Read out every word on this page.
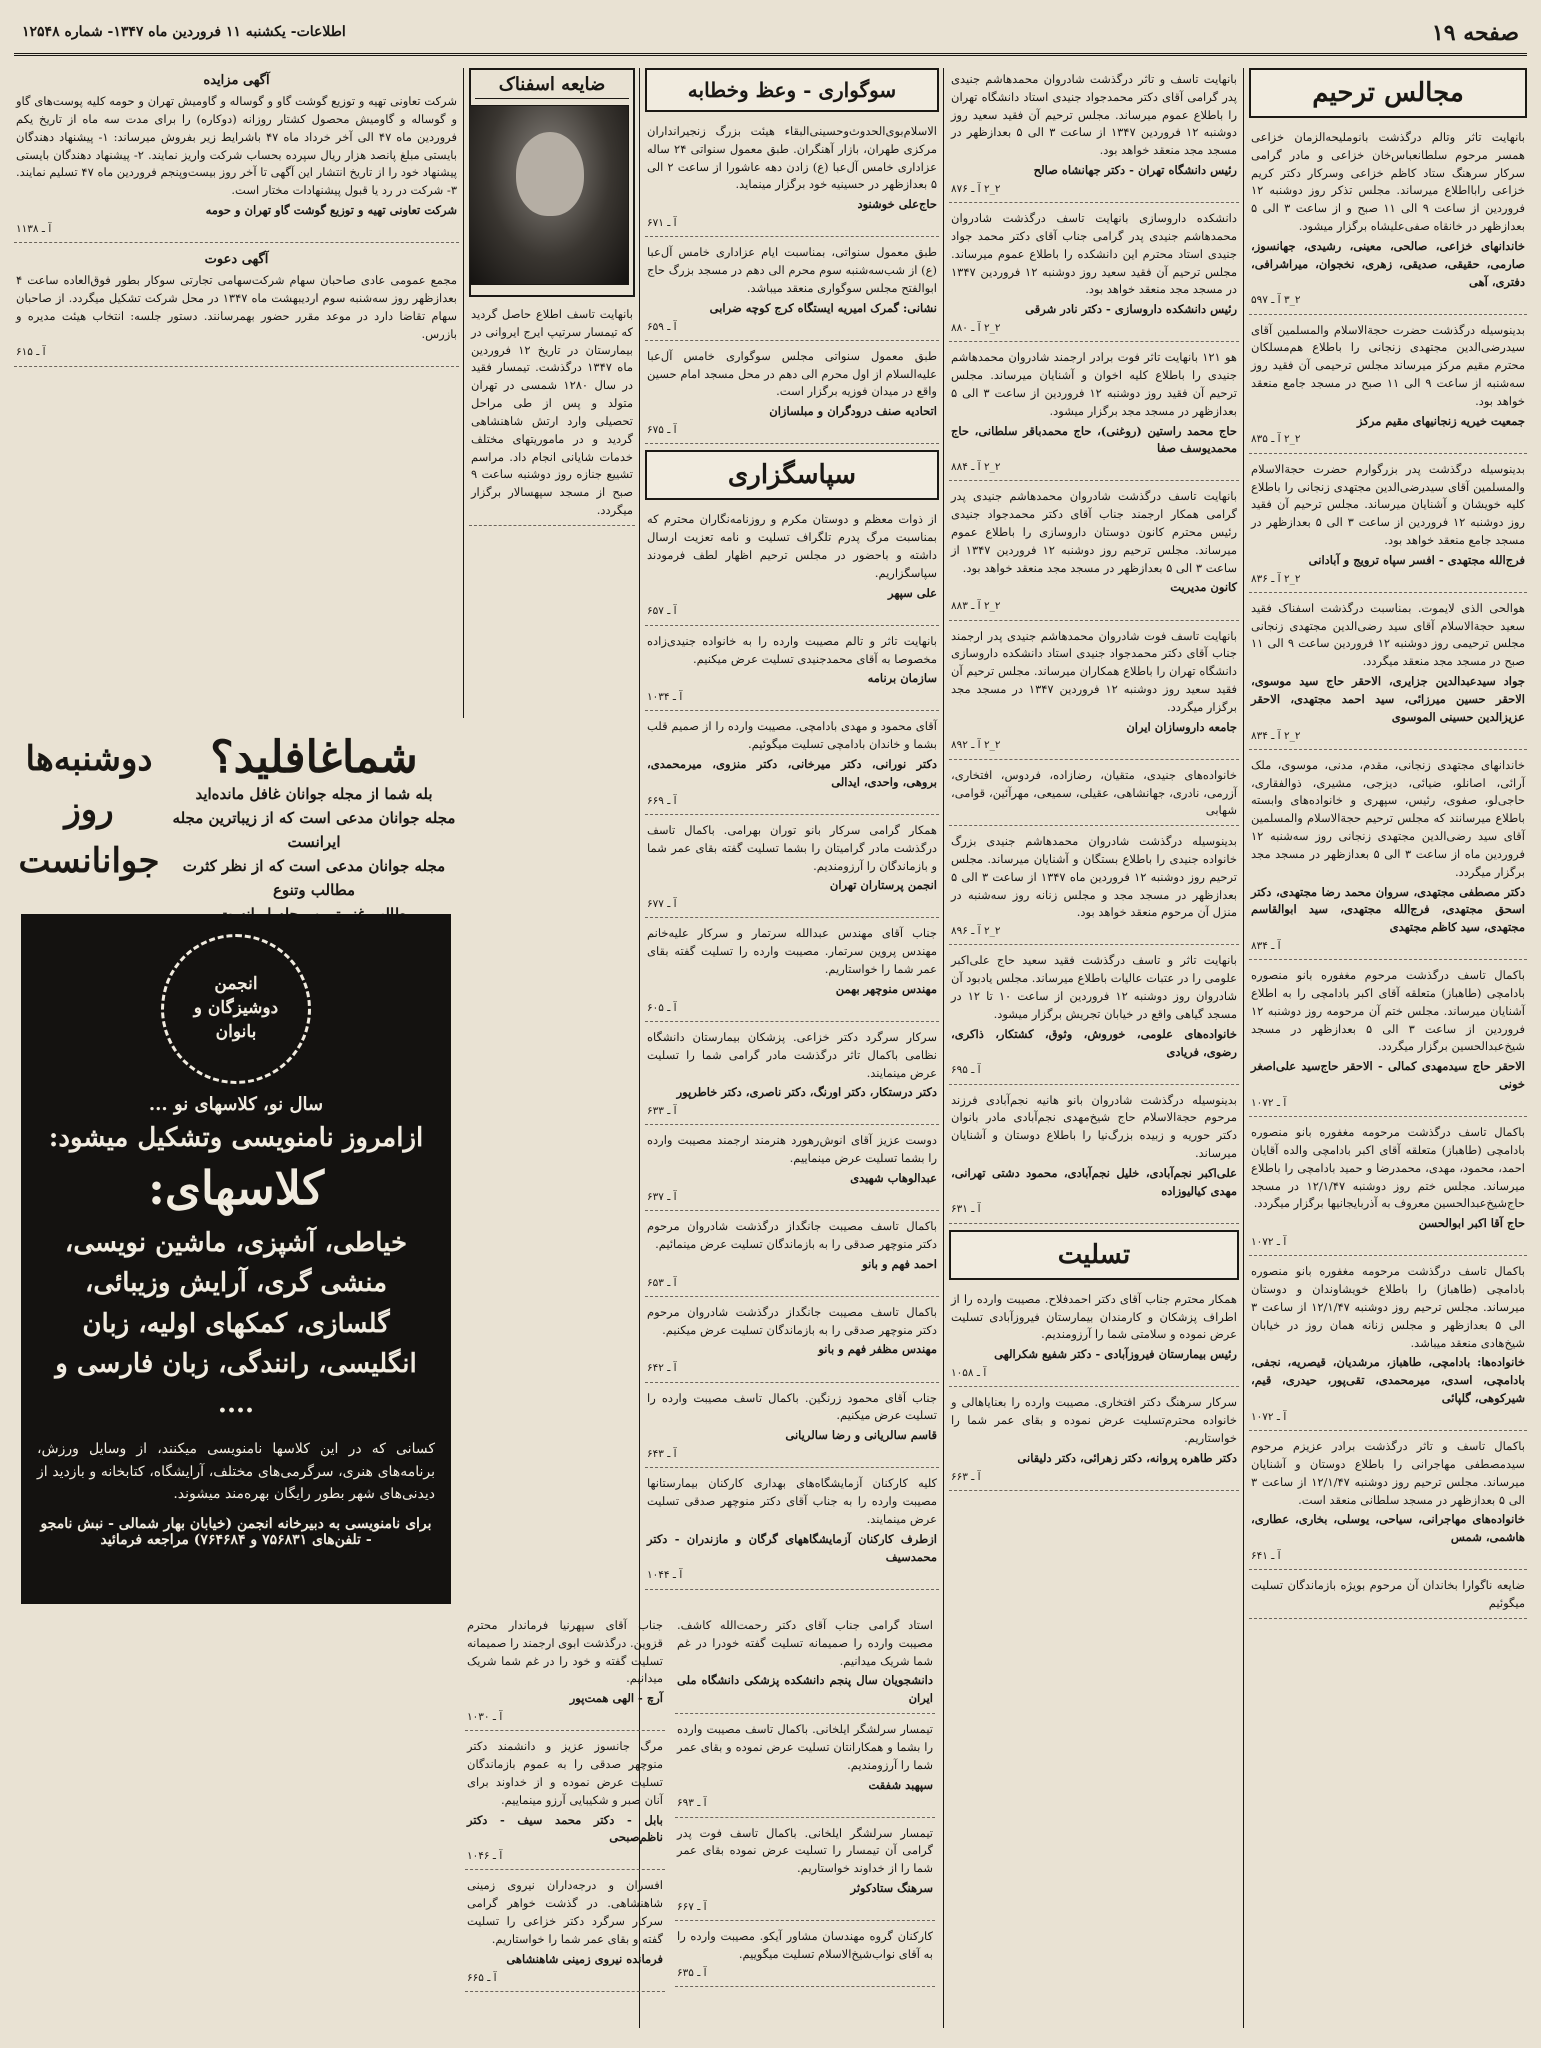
صفحه ۱۹
اطلاعات- یکشنبه ۱۱ فروردین ماه ۱۳۴۷- شماره ۱۲۵۴۸
مجالس ترحیم
بانهایت تاثر وتالم درگذشت بانوملیحه‌الزمان خزاعی همسر مرحوم سلطانعباس‌خان خزاعی و مادر گرامی سرکار سرهنگ ستاد کاظم خزاعی وسرکار دکتر کریم خزاعی رابااطلاع میرساند. مجلس تذکر روز دوشنبه ۱۲ فروردین از ساعت ۹ الی ۱۱ صبح و از ساعت ۳ الی ۵ بعدازظهر در خانقاه صفی‌علیشاه برگزار میشود.
خاندانهای خزاعی، صالحی، معینی، رشیدی، جهانسوز، صارمی، حقیقی، صدیقی، زهری، نخجوان، میراشرافی، دفتری، آهی
۲_۳ آ ـ ۵۹۷
بدینوسیله درگذشت حضرت حجةالاسلام والمسلمین آقای سیدرضی‌الدین مجتهدی زنجانی را باطلاع هم‌مسلکان محترم مقیم مرکز میرساند مجلس ترحیمی آن فقید روز سه‌شنبه از ساعت ۹ الی ۱۱ صبح در مسجد جامع منعقد خواهد بود.
جمعیت خیریه زنجانیهای مقیم مرکز
۲_۲ آ ـ ۸۳۵
بدینوسیله درگذشت پدر بزرگوارم حضرت حجةالاسلام والمسلمین آقای سیدرضی‌الدین مجتهدی زنجانی را باطلاع کلیه خویشان و آشنایان میرساند. مجلس ترحیم آن فقید روز دوشنبه ۱۲ فروردین از ساعت ۳ الی ۵ بعدازظهر در مسجد جامع منعقد خواهد بود.
فرج‌الله مجتهدی - افسر سپاه ترویج و آبادانی
۲_۲ آ ـ ۸۳۶
هوالحی الذی لایموت. بمناسبت درگذشت اسفناک فقید سعید حجةالاسلام آقای سید رضی‌الدین مجتهدی زنجانی مجلس ترحیمی روز دوشنبه ۱۲ فروردین ساعت ۹ الی ۱۱ صبح در مسجد مجد منعقد میگردد.
جواد سیدعبدالدین جزایری، الاحقر حاج سید موسوی، الاحقر حسین میرزائی، سید احمد مجتهدی، الاحقر عزیزالدین حسینی الموسوی
۲_۲ آ ـ ۸۳۴
خاندانهای مجتهدی زنجانی، مقدم، مدنی، موسوی، ملک آرائی، اصانلو، ضیائی، دیزجی، مشیری، ذوالفقاری، حاجی‌لو، صفوی، رئیس، سپهری و خانواده‌های وابسته باطلاع میرسانند که مجلس ترحیم حجةالاسلام والمسلمین آقای سید رضی‌الدین مجتهدی زنجانی روز سه‌شنبه ۱۲ فروردین ماه از ساعت ۳ الی ۵ بعدازظهر در مسجد مجد برگزار میگردد.
دکتر مصطفی مجتهدی، سروان محمد رضا مجتهدی، دکتر اسحق مجتهدی، فرج‌الله مجتهدی، سید ابوالقاسم مجتهدی، سید کاظم مجتهدی
آ ـ ۸۳۴
باکمال تاسف درگذشت مرحوم مغفوره بانو منصوره بادامچی (طاهباز) متعلقه آقای اکبر بادامچی را به اطلاع آشنایان میرساند. مجلس ختم آن مرحومه روز دوشنبه ۱۲ فروردین از ساعت ۳ الی ۵ بعدازظهر در مسجد شیخ‌عبدالحسین برگزار میگردد.
الاحقر حاج سیدمهدی کمالی - الاحقر حاج‌سید علی‌اصغر خونی
آ ـ ۱۰۷۲
باکمال تاسف درگذشت مرحومه مغفوره بانو منصوره بادامچی (طاهباز) متعلقه آقای اکبر بادامچی والده آقایان احمد، محمود، مهدی، محمدرضا و حمید بادامچی را باطلاع میرساند. مجلس ختم روز دوشنبه ۱۲/۱/۴۷ در مسجد حاج‌شیخ‌عبدالحسین معروف به آذربایجانیها برگزار میگردد.
حاج آقا اکبر ابوالحسن
آ ـ ۱۰۷۲
باکمال تاسف درگذشت مرحومه مغفوره بانو منصوره بادامچی (طاهباز) را باطلاع خویشاوندان و دوستان میرساند. مجلس ترحیم روز دوشنبه ۱۲/۱/۴۷ از ساعت ۳ الی ۵ بعدازظهر و مجلس زنانه همان روز در خیابان شیخ‌هادی منعقد میباشد.
خانواده‌ها: بادامچی، طاهباز، مرشدیان، قیصریه، نجفی، بادامچی، اسدی، میرمحمدی، تقی‌پور، حیدری، قیم، شیرکوهی، گلپائی
آ ـ ۱۰۷۲
باکمال تاسف و تاثر درگذشت برادر عزیزم مرحوم سیدمصطفی مهاجرانی را باطلاع دوستان و آشنایان میرساند. مجلس ترحیم روز دوشنبه ۱۲/۱/۴۷ از ساعت ۳ الی ۵ بعدازظهر در مسجد سلطانی منعقد است.
خانواده‌های مهاجرانی، سیاحی، یوسلی، بخاری، عطاری، هاشمی، شمس
آ ـ ۶۴۱
ضایعه ناگوارا بخاندان آن مرحوم بویژه بازماندگان تسلیت میگوئیم
بانهایت تاسف و تاثر درگذشت شادروان محمدهاشم جنیدی پدر گرامی آقای دکتر محمدجواد جنیدی استاد دانشگاه تهران را باطلاع عموم میرساند. مجلس ترحیم آن فقید سعید روز دوشنبه ۱۲ فروردین ۱۳۴۷ از ساعت ۳ الی ۵ بعدازظهر در مسجد مجد منعقد خواهد بود.
رئیس دانشگاه تهران - دکتر جهانشاه صالح
۲_۲ آ ـ ۸۷۶
دانشکده داروسازی بانهایت تاسف درگذشت شادروان محمدهاشم جنیدی پدر گرامی جناب آقای دکتر محمد جواد جنیدی استاد محترم این دانشکده را باطلاع عموم میرساند. مجلس ترحیم آن فقید سعید روز دوشنبه ۱۲ فروردین ۱۳۴۷ در مسجد مجد منعقد خواهد بود.
رئیس دانشکده داروسازی - دکتر نادر شرقی
۲_۲ آ ـ ۸۸۰
هو ۱۲۱ بانهایت تاثر فوت برادر ارجمند شادروان محمدهاشم جنیدی را باطلاع کلیه اخوان و آشنایان میرساند. مجلس ترحیم آن فقید روز دوشنبه ۱۲ فروردین از ساعت ۳ الی ۵ بعدازظهر در مسجد مجد برگزار میشود.
حاج محمد راستین (روغنی)، حاج محمدباقر سلطانی، حاج محمدیوسف صفا
۲_۲ آ ـ ۸۸۴
بانهایت تاسف درگذشت شادروان محمدهاشم جنیدی پدر گرامی همکار ارجمند جناب آقای دکتر محمدجواد جنیدی رئیس محترم کانون دوستان داروسازی را باطلاع عموم میرساند. مجلس ترحیم روز دوشنبه ۱۲ فروردین ۱۳۴۷ از ساعت ۳ الی ۵ بعدازظهر در مسجد مجد منعقد خواهد بود.
کانون مدیریت
۲_۲ آ ـ ۸۸۳
بانهایت تاسف فوت شادروان محمدهاشم جنیدی پدر ارجمند جناب آقای دکتر محمدجواد جنیدی استاد دانشکده داروسازی دانشگاه تهران را باطلاع همکاران میرساند. مجلس ترحیم آن فقید سعید روز دوشنبه ۱۲ فروردین ۱۳۴۷ در مسجد مجد برگزار میگردد.
جامعه داروسازان ایران
۲_۲ آ ـ ۸۹۲
خانواده‌های جنیدی، متقیان، رضازاده، فردوس، افتخاری، آزرمی، نادری، جهانشاهی، عقیلی، سمیعی، مهرآئین، قوامی، شهابی
بدینوسیله درگذشت شادروان محمدهاشم جنیدی بزرگ خانواده جنیدی را باطلاع بستگان و آشنایان میرساند. مجلس ترحیم روز دوشنبه ۱۲ فروردین ماه ۱۳۴۷ از ساعت ۳ الی ۵ بعدازظهر در مسجد مجد و مجلس زنانه روز سه‌شنبه در منزل آن مرحوم منعقد خواهد بود.
۲_۲ آ ـ ۸۹۶
بانهایت تاثر و تاسف درگذشت فقید سعید حاج علی‌اکبر علومی را در عتبات عالیات باطلاع میرساند. مجلس یادبود آن شادروان روز دوشنبه ۱۲ فروردین از ساعت ۱۰ تا ۱۲ در مسجد گیاهی واقع در خیابان تجریش برگزار میشود.
خانواده‌های علومی، خوروش، وثوق، کشتکار، ذاکری، رضوی، فریادی
آ ـ ۶۹۵
بدینوسیله درگذشت شادروان بانو هانیه نجم‌آبادی فرزند مرحوم حجةالاسلام حاج شیخ‌مهدی نجم‌آبادی مادر بانوان دکتر حوریه و زبیده بزرگ‌نیا را باطلاع دوستان و آشنایان میرساند.
علی‌اکبر نجم‌آبادی، خلیل نجم‌آبادی، محمود دشتی تهرانی، مهدی کیالیوزاده
آ ـ ۶۳۱
تسلیت
همکار محترم جناب آقای دکتر احمدفلاح. مصیبت وارده را از اطراف پزشکان و کارمندان بیمارستان فیروزآبادی تسلیت عرض نموده و سلامتی شما را آرزومندیم.
رئیس بیمارستان فیروزآبادی - دکتر شفیع شکرالهی
آ ـ ۱۰۵۸
سرکار سرهنگ دکتر افتخاری. مصیبت وارده را بعنایاهالی و خانواده محترم‌تسلیت عرض نموده و بقای عمر شما را خواستاریم.
دکتر طاهره پروانه، دکتر زهرائی، دکتر دلیقانی
آ ـ ۶۶۳
سوگواری - وعظ وخطابه
الاسلام‌بوی‌الحدوث‌وحسینی‌البقاء هیئت بزرگ زنجیرانداران مرکزی طهران، بازار آهنگران. طبق معمول سنواتی ۲۴ ساله عزاداری خامس آل‌عبا (ع) زادن دهه عاشورا از ساعت ۲ الی ۵ بعدازظهر در حسینیه خود برگزار مینماید.
حاج‌علی خوشنود
آ ـ ۶۷۱
طبق معمول سنواتی، بمناسبت ایام عزاداری خامس آل‌عبا (ع) از شب‌سه‌شنبه سوم محرم الی دهم در مسجد بزرگ حاج ابوالفتح مجلس سوگواری منعقد میباشد.
نشانی: گمرک امیریه ایستگاه کرج کوچه ضرابی
آ ـ ۶۵۹
طبق معمول سنواتی مجلس سوگواری خامس آل‌عبا علیه‌السلام از اول محرم الی دهم در محل مسجد امام حسین واقع در میدان فوزیه برگزار است.
اتحادیه صنف درودگران و مبلسازان
آ ـ ۶۷۵
سپاسگزاری
از ذوات معظم و دوستان مکرم و روزنامه‌نگاران محترم که بمناسبت مرگ پدرم تلگراف تسلیت و نامه تعزیت ارسال داشته و باحضور در مجلس ترحیم اظهار لطف فرمودند سپاسگزاریم.
علی سپهر
آ ـ ۶۵۷
بانهایت تاثر و تالم مصیبت وارده را به خانواده جنیدی‌زاده مخصوصا به آقای محمدجنیدی تسلیت عرض میکنیم.
سازمان برنامه
آ ـ ۱۰۳۴
آقای محمود و مهدی بادامچی. مصیبت وارده را از صمیم قلب بشما و خاندان بادامچی تسلیت میگوئیم.
دکتر نورانی، دکتر میرخانی، دکتر منزوی، میرمحمدی، بروهی، واحدی، ایدالی
آ ـ ۶۶۹
همکار گرامی سرکار بانو توران بهرامی. باکمال تاسف درگذشت مادر گرامیتان را بشما تسلیت گفته بقای عمر شما و بازماندگان را آرزومندیم.
انجمن پرستاران تهران
آ ـ ۶۷۷
جناب آقای مهندس عبدالله سرتمار و سرکار علیه‌خانم مهندس پروین سرتمار. مصیبت وارده را تسلیت گفته بقای عمر شما را خواستاریم.
مهندس منوچهر بهمن
آ ـ ۶۰۵
سرکار سرگرد دکتر خزاعی. پزشکان بیمارستان دانشگاه نظامی باکمال تاثر درگذشت مادر گرامی شما را تسلیت عرض مینمایند.
دکتر درستکار، دکتر اورنگ، دکتر ناصری، دکتر خاطرپور
آ ـ ۶۳۳
دوست عزیز آقای انوش‌رهورد هنرمند ارجمند مصیبت وارده را بشما تسلیت عرض مینماییم.
عبدالوهاب شهیدی
آ ـ ۶۳۷
باکمال تاسف مصیبت جانگداز درگذشت شادروان مرحوم دکتر منوچهر صدقی را به بازماندگان تسلیت عرض مینمائیم.
احمد فهم و بانو
آ ـ ۶۵۳
باکمال تاسف مصیبت جانگداز درگذشت شادروان مرحوم دکتر منوچهر صدقی را به بازماندگان تسلیت عرض میکنیم.
مهندس مظفر فهم و بانو
آ ـ ۶۴۲
جناب آقای محمود زرنگین. باکمال تاسف مصیبت وارده را تسلیت عرض میکنیم.
قاسم سالریانی و رضا سالریانی
آ ـ ۶۴۳
کلیه کارکنان آزمایشگاه‌های بهداری کارکنان بیمارستانها مصیبت وارده را به جناب آقای دکتر منوچهر صدقی تسلیت عرض مینمایند.
ازطرف کارکنان آزمایشگاههای گرگان و مازندران - دکتر محمدسیف
آ ـ ۱۰۴۴
ضایعه اسفناک
بانهایت تاسف اطلاع حاصل گردید که تیمسار سرتیپ ایرج ایروانی در بیمارستان در تاریخ ۱۲ فروردین ماه ۱۳۴۷ درگذشت. تیمسار فقید در سال ۱۲۸۰ شمسی در تهران متولد و پس از طی مراحل تحصیلی وارد ارتش شاهنشاهی گردید و در ماموریتهای مختلف خدمات شایانی انجام داد. مراسم تشییع جنازه روز دوشنبه ساعت ۹ صبح از مسجد سپهسالار برگزار میگردد.
آگهی مزایده
شرکت تعاونی تهیه و توزیع گوشت گاو و گوساله و گاومیش تهران و حومه کلیه پوست‌های گاو و گوساله و گاومیش محصول کشتار روزانه (دوکاره) را برای مدت سه ماه از تاریخ یکم فروردین ماه ۴۷ الی آخر خرداد ماه ۴۷ باشرایط زیر بفروش میرساند: ۱- پیشنهاد دهندگان بایستی مبلغ پانصد هزار ریال سپرده بحساب شرکت واریز نمایند. ۲- پیشنهاد دهندگان بایستی پیشنهاد خود را از تاریخ انتشار این آگهی تا آخر روز بیست‌وپنجم فروردین ماه ۴۷ تسلیم نمایند. ۳- شرکت در رد یا قبول پیشنهادات مختار است.
شرکت تعاونی تهیه و توزیع گوشت گاو تهران و حومه
آ ـ ۱۱۳۸
آگهی دعوت
مجمع عمومی عادی صاحبان سهام شرکت‌سهامی تجارتی سوکار بطور فوق‌العاده ساعت ۴ بعدازظهر روز سه‌شنبه سوم اردیبهشت ماه ۱۳۴۷ در محل شرکت تشکیل میگردد. از صاحبان سهام تقاضا دارد در موعد مقرر حضور بهمرسانند. دستور جلسه: انتخاب هیئت مدیره و بازرس.
آ ـ ۶۱۵
شماغافلید؟
بله شما از مجله جوانان غافل مانده‌اید
مجله جوانان مدعی است که از زیباترین مجله ایرانست
مجله جوانان مدعی است که از نظر کثرت مطالب وتنوع
دوشنبه‌ها
روز
جوانانست
انجمن دوشیزگان و بانوان
سال نو، کلاسهای نو ...
ازامروز نامنویسی وتشکیل میشود:
کلاسهای:
خیاطی، آشپزی، ماشین نویسی، منشی گری، آرایش وزیبائی، گلسازی، کمکهای اولیه، زبان انگلیسی، رانندگی، زبان فارسی و ....
کسانی که در این کلاسها نامنویسی میکنند، از وسایل ورزش، برنامه‌های هنری، سرگرمی‌های مختلف، آرایشگاه، کتابخانه و بازدید از دیدنی‌های شهر بطور رایگان بهره‌مند میشوند.
برای نامنویسی به دبیرخانه انجمن (خیابان بهار شمالی - نبش نامجو - تلفن‌های ۷۵۶۸۳۱ و ۷۶۴۶۸۴) مراجعه فرمائید
استاد گرامی جناب آقای دکتر رحمت‌الله کاشف. مصیبت وارده را صمیمانه تسلیت گفته خودرا در غم شما شریک میدانیم.
دانشجویان سال پنجم دانشکده پزشکی دانشگاه ملی ایران
تیمسار سرلشگر ایلخانی. باکمال تاسف مصیبت وارده را بشما و همکارانتان تسلیت عرض نموده و بقای عمر شما را آرزومندیم.
سپهبد شفقت
آ ـ ۶۹۳
تیمسار سرلشگر ایلخانی. باکمال تاسف فوت پدر گرامی آن تیمسار را تسلیت عرض نموده بقای عمر شما را از خداوند خواستاریم.
سرهنگ ستادکوثر
آ ـ ۶۶۷
کارکنان گروه مهندسان مشاور آیکو. مصیبت وارده را به آقای نواب‌شیخ‌الاسلام تسلیت میگوییم.
آ ـ ۶۳۵
جناب آقای سپهرنیا فرماندار محترم قزوین. درگذشت ابوی ارجمند را صمیمانه تسلیت گفته و خود را در غم شما شریک میدانیم.
آرچ - الهی همت‌پور
آ ـ ۱۰۳۰
مرگ جانسوز عزیز و دانشمند دکتر منوچهر صدقی را به عموم بازماندگان تسلیت عرض نموده و از خداوند برای آنان صبر و شکیبایی آرزو مینماییم.
بابل - دکتر محمد سیف - دکتر ناظم‌صبحی
آ ـ ۱۰۴۶
افسران و درجه‌داران نیروی زمینی شاهنشاهی. در گذشت خواهر گرامی سرکار سرگرد دکتر خزاعی را تسلیت گفته و بقای عمر شما را خواستاریم.
فرمانده نیروی زمینی شاهنشاهی
آ ـ ۶۶۵
